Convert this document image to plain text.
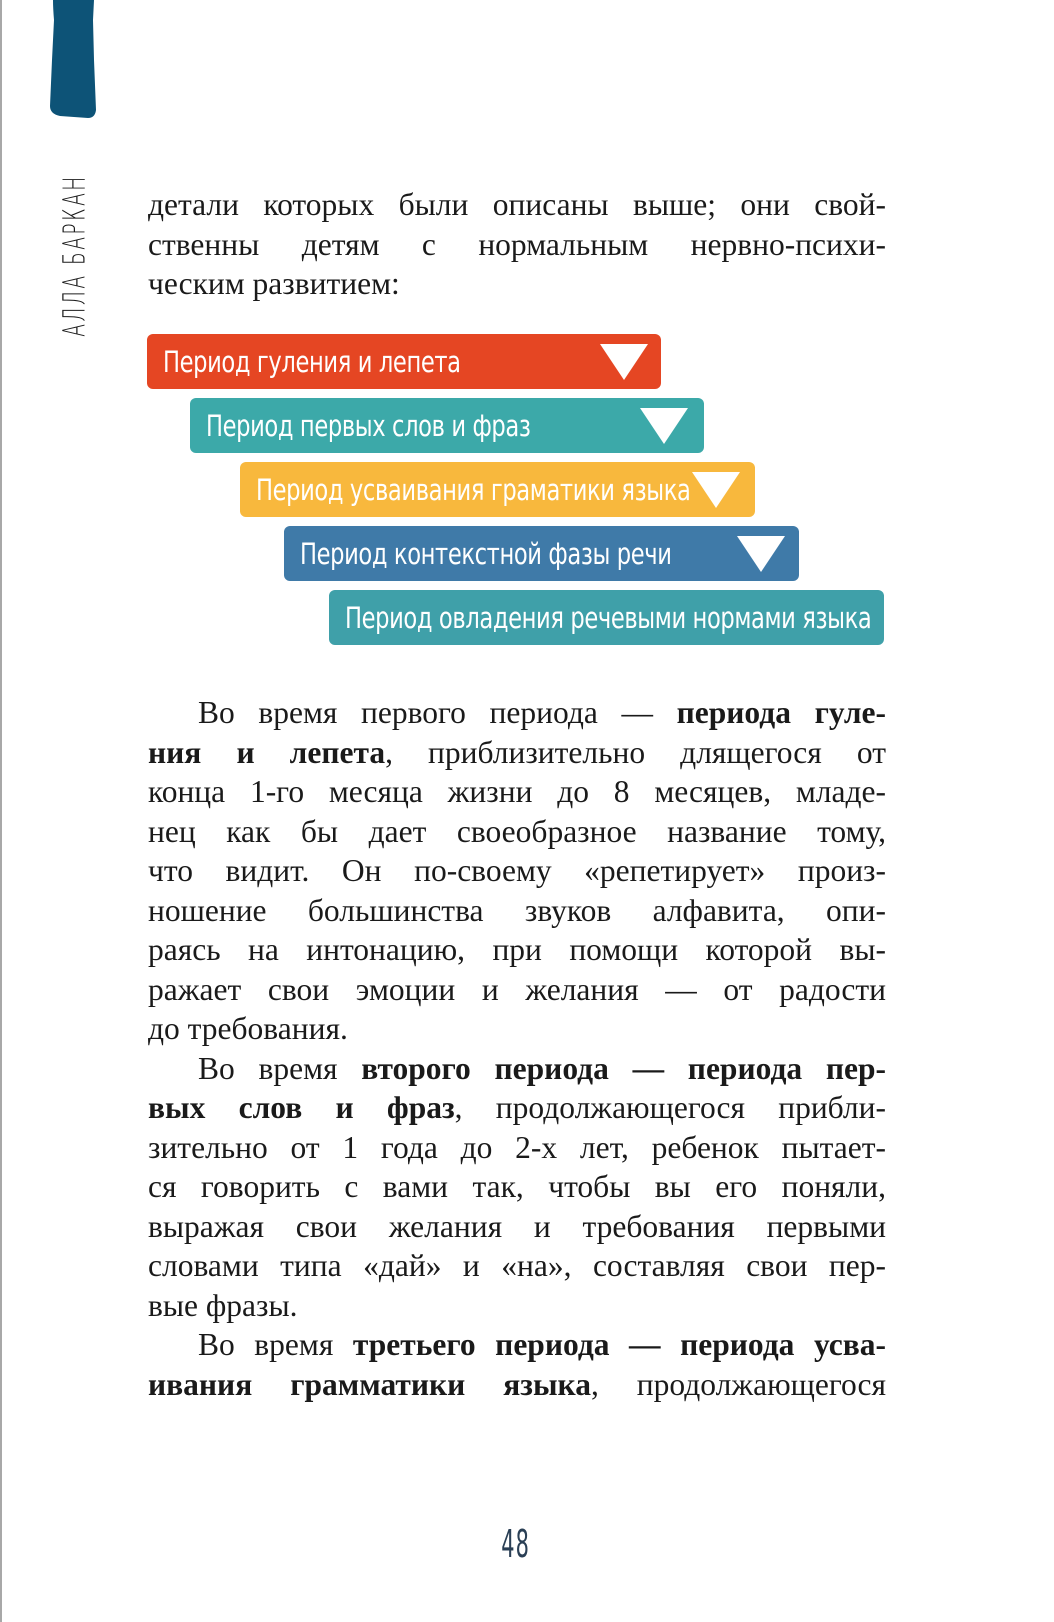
АЛЛА БАРКАН детали которых были описаны выше; они свой-
ственны детям с нормальным нервно-психи-
ческим развитием:
Период гуления и лепета
Период первых слов и фраз
Период усваивания граматики языка
Период контекстной фазы речи
Период овладения речевыми нормами языка
Во время первого периода — периода гуле-
ния и лепета, приблизительно длящегося от
конца 1-го месяца жизни до 8 месяцев, младе-
нец как бы дает своеобразное название тому,
что видит. Он по-своему «репетирует» произ-
ношение большинства звуков алфавита, опи-
раясь на интонацию, при помощи которой вы-
ражает свои эмоции и желания — от радости
до требования.
Во время второго периода — периода пер-
вых слов и фраз, продолжающегося прибли-
зительно от 1 года до 2-х лет, ребенок пытает-
ся говорить с вами так, чтобы вы его поняли,
выражая свои желания и требования первыми
словами типа «дай» и «на», составляя свои пер-
вые фразы.
Во время третьего периода — периода усва-
ивания грамматики языка, продолжающегося
48
